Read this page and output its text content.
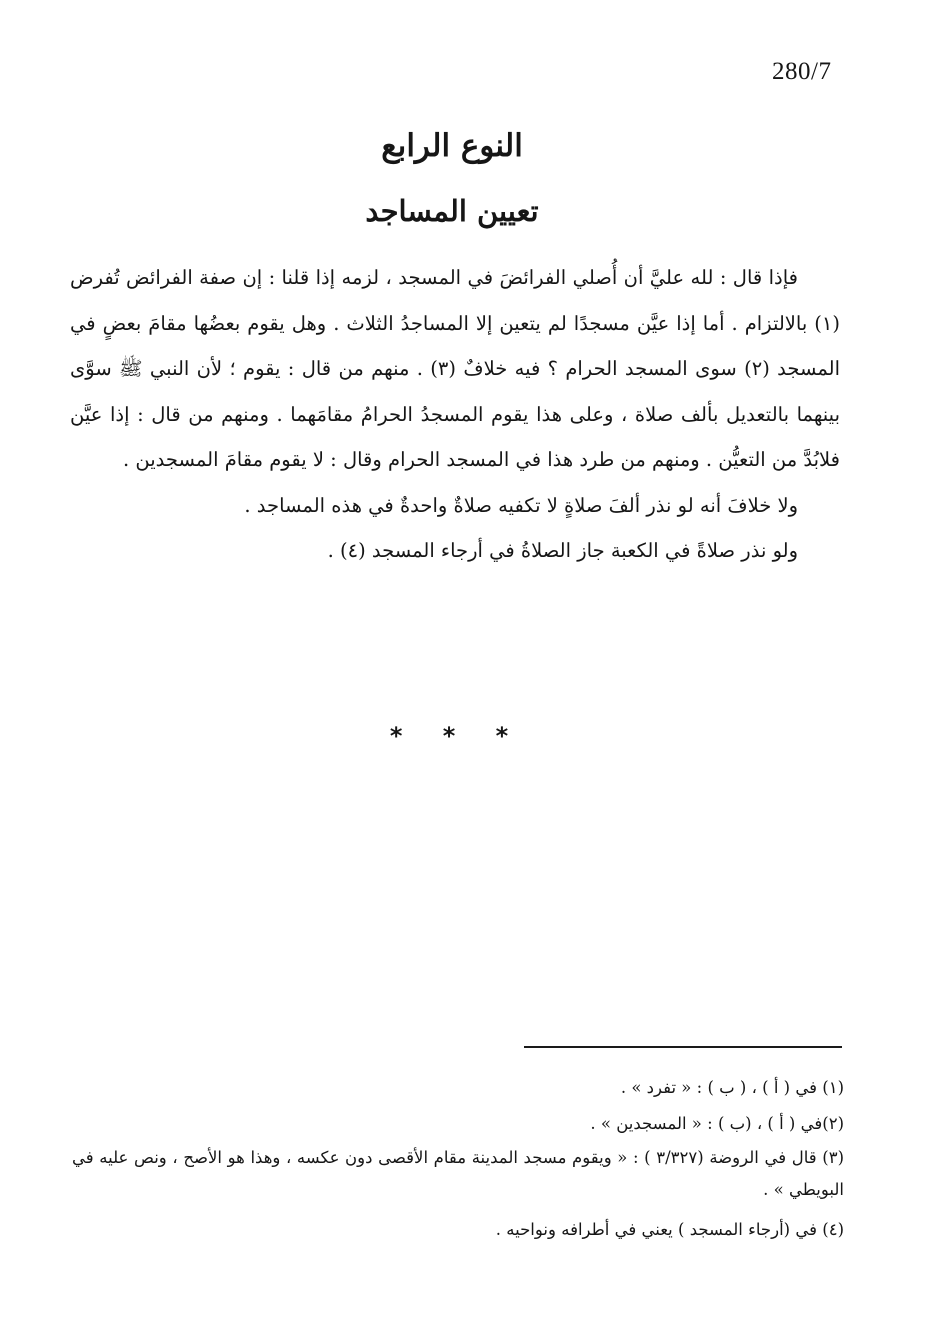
280/7
النوع الرابع
تعيين المساجد

فإذا قال : لله عليَّ أن أُصلي الفرائضَ في المسجد ، لزمه إذا قلنا : إن صفة الفرائض تُفرض (١) بالالتزام . أما إذا عيَّن مسجدًا لم يتعين إلا المساجدُ الثلاث . وهل يقوم بعضُها مقامَ بعضٍ في المسجد (٢) سوى المسجد الحرام ؟ فيه خلافٌ (٣) . منهم من قال : يقوم ؛ لأن النبي ﷺ سوَّى بينهما بالتعديل بألف صلاة ، وعلى هذا يقوم المسجدُ الحرامُ مقامَهما . ومنهم من قال : إذا عيَّن فلابُدَّ من التعيُّن . ومنهم من طرد هذا في المسجد الحرام وقال : لا يقوم مقامَ المسجدين .

ولا خلافَ أنه لو نذر ألفَ صلاةٍ لا تكفيه صلاةٌ واحدةٌ في هذه المساجد .

ولو نذر صلاةً في الكعبة جاز الصلاةُ في أرجاء المسجد (٤) .

* * *

(١) في ( أ ) ، ( ب ) : « تفرد » .

(٢)في ( أ ) ، (ب ) : « المسجدين » .

(٣) قال في الروضة (٣/٣٢٧ ) : « ويقوم مسجد المدينة مقام الأقصى دون عكسه ، وهذا هو الأصح ، ونص عليه في البويطي » .

(٤) في (أرجاء المسجد ) يعني في أطرافه ونواحيه .
